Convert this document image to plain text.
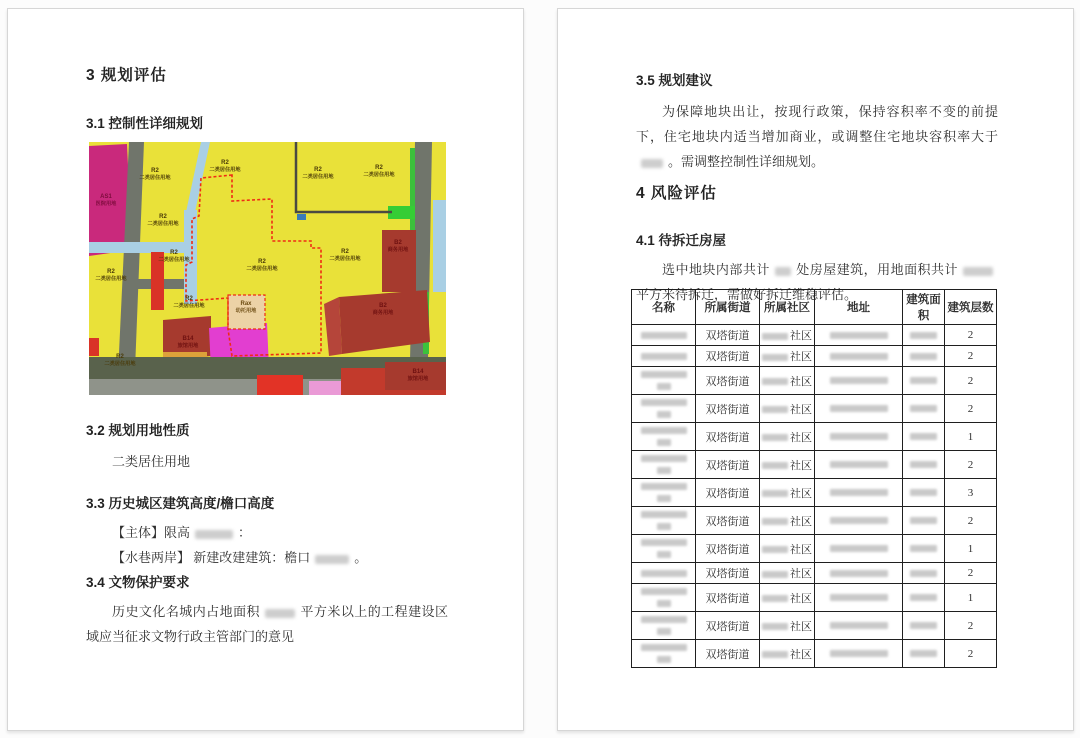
3 规划评估
3.1 控制性详细规划
R2
二类居住用地
R2
二类居住用地	R2
二类居住用地
R2
二类居住用地
AS1
医院用地
R2
二类居住用地
R2
二类居住用地
R2
二类居住用地
R2
二类居住用地
R2
二类居住用地
B2
商务用地
B2
商务用地
R2
二类居住用地	Rax
幼托用地
B14
旅馆用地
R2
二类居住用地
B14
旅馆用地
3.2 规划用地性质
二类居住用地
3.3 历史城区建筑高度/檐口高度
【主体】限高	：
【水巷两岸】 新建改建建筑：檐口	。
3.4 文物保护要求
历史文化名城内占地面积	平方米以上的工程建设区域应当征求文物行政主管部门的意见
3.5 规划建议
为保障地块出让，按现行政策，保持容积率不变的前提下，住宅地块内适当增加商业，或调整住宅地块容积率大于。需调整控制性详细规划。
4 风险评估
4.1 待拆迁房屋
选中地块内部共计 处房屋建筑，用地面积共计平方米待拆迁，需做好拆迁维稳评估。
名称	所属街道	所属社区	地址	建筑面积	建筑层数
	双塔街道	社区			2
	双塔街道	社区			2

	双塔街道	社区			2

	双塔街道	社区			2

	双塔街道	社区			1

	双塔街道	社区			2

	双塔街道	社区			3

	双塔街道	社区			2

	双塔街道	社区			1
	双塔街道	社区			2

	双塔街道	社区			1

	双塔街道	社区			2

	双塔街道	社区			2
